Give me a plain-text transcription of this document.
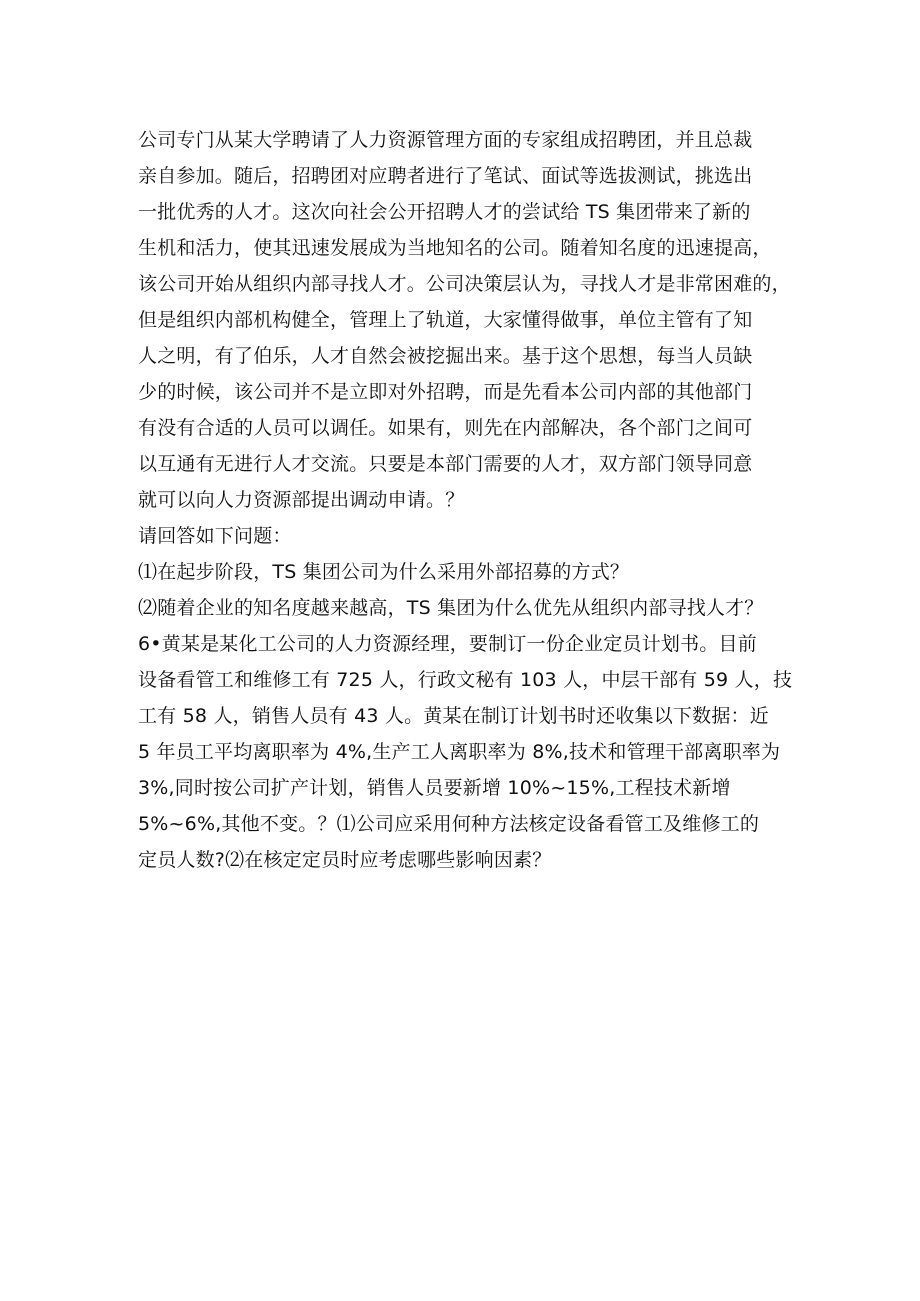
公司专门从某大学聘请了人力资源管理方面的专家组成招聘团，并且总裁
亲自参加。随后，招聘团对应聘者进行了笔试、面试等选拔测试，挑选出
一批优秀的人才。这次向社会公开招聘人才的尝试给 TS 集团带来了新的
生机和活力，使其迅速发展成为当地知名的公司。随着知名度的迅速提高，
该公司开始从组织内部寻找人才。公司决策层认为，寻找人才是非常困难的，
但是组织内部机构健全，管理上了轨道，大家懂得做事，单位主管有了知
人之明，有了伯乐，人才自然会被挖掘出来。基于这个思想，每当人员缺
少的时候，该公司并不是立即对外招聘，而是先看本公司内部的其他部门
有没有合适的人员可以调任。如果有，则先在内部解决，各个部门之间可
以互通有无进行人才交流。只要是本部门需要的人才，双方部门领导同意
就可以向人力资源部提出调动申请。？
请回答如下问题：
⑴在起步阶段，TS 集团公司为什么采用外部招募的方式？
⑵随着企业的知名度越来越高，TS 集团为什么优先从组织内部寻找人才？
6•黄某是某化工公司的人力资源经理，要制订一份企业定员计划书。目前
设备看管工和维修工有 725 人，行政文秘有 103 人，中层干部有 59 人，技
工有 58 人，销售人员有 43 人。黄某在制订计划书时还收集以下数据：近
5 年员工平均离职率为 4%,生产工人离职率为 8%,技术和管理干部离职率为
3%,同时按公司扩产计划，销售人员要新增 10%~15%,工程技术新增
5%~6%,其他不变。？⑴公司应采用何种方法核定设备看管工及维修工的
定员人数?⑵在核定定员时应考虑哪些影响因素？
